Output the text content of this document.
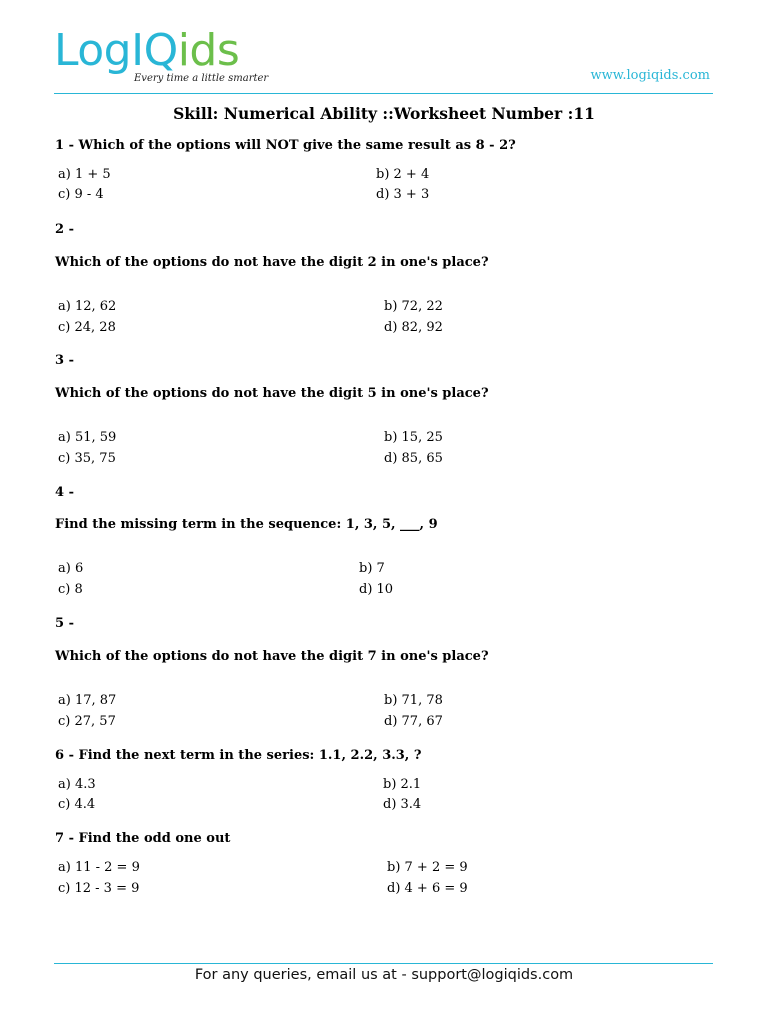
LogIQids
Every time a little smarter	www.logiqids.com
Skill: Numerical Ability ::Worksheet Number :11
1 - Which of the options will NOT give the same result as 8 - 2?
a) 1 + 5	b) 2 + 4
c) 9 - 4	d) 3 + 3
2 -
Which of the options do not have the digit 2 in one's place?
a) 12, 62	b) 72, 22
c) 24, 28	d) 82, 92
3 -
Which of the options do not have the digit 5 in one's place?
a) 51, 59	b) 15, 25
c) 35, 75	d) 85, 65
4 -
Find the missing term in the sequence: 1, 3, 5, ___, 9
a) 6	b) 7
c) 8	d) 10
5 -
Which of the options do not have the digit 7 in one's place?
a) 17, 87	b) 71, 78
c) 27, 57	d) 77, 67
6 - Find the next term in the series: 1.1, 2.2, 3.3, ?
a) 4.3	b) 2.1
c) 4.4	d) 3.4
7 - Find the odd one out
a) 11 - 2 = 9	b) 7 + 2 = 9
c) 12 - 3 = 9	d) 4 + 6 = 9
For any queries, email us at - support@logiqids.com
